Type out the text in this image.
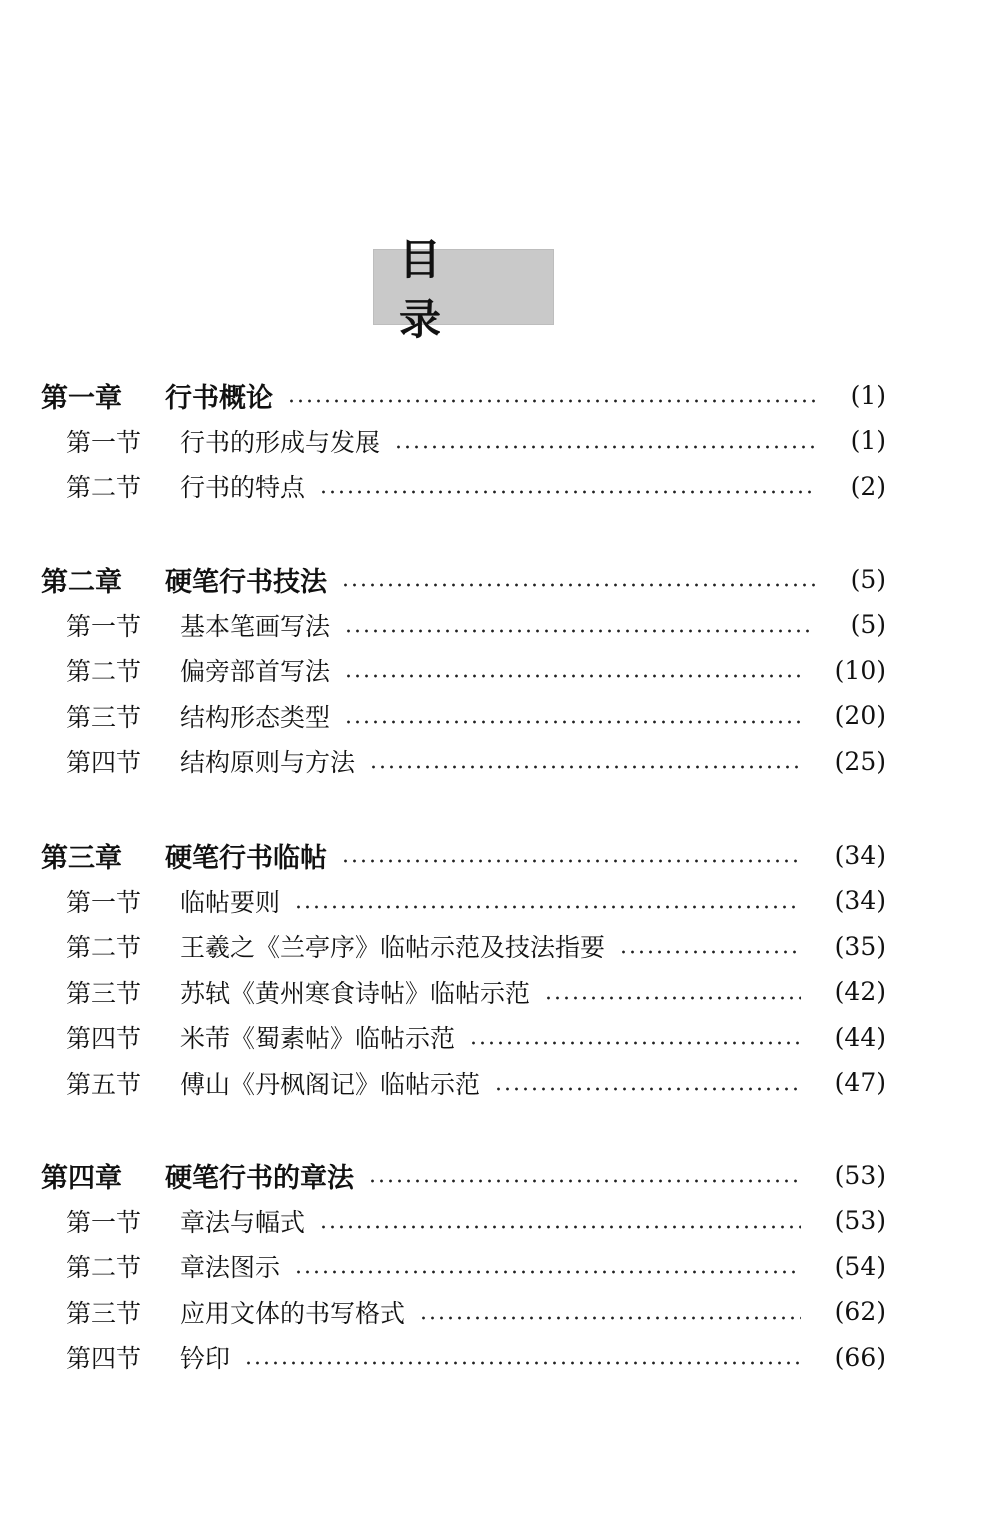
目 录
第一章 行书概论	(1)
第一节 行书的形成与发展	(1)
第二节 行书的特点	(2)
第二章 硬笔行书技法	(5)
第一节 基本笔画写法	(5)
第二节 偏旁部首写法	(10)
第三节 结构形态类型	(20)
第四节 结构原则与方法	(25)
第三章 硬笔行书临帖	(34)
第一节 临帖要则	(34)
第二节 王羲之《兰亭序》临帖示范及技法指要	(35)
第三节 苏轼《黄州寒食诗帖》临帖示范	(42)
第四节 米芾《蜀素帖》临帖示范	(44)
第五节 傅山《丹枫阁记》临帖示范	(47)
第四章 硬笔行书的章法	(53)
第一节 章法与幅式	(53)
第二节 章法图示	(54)
第三节 应用文体的书写格式	(62)
第四节 钤印	(66)
